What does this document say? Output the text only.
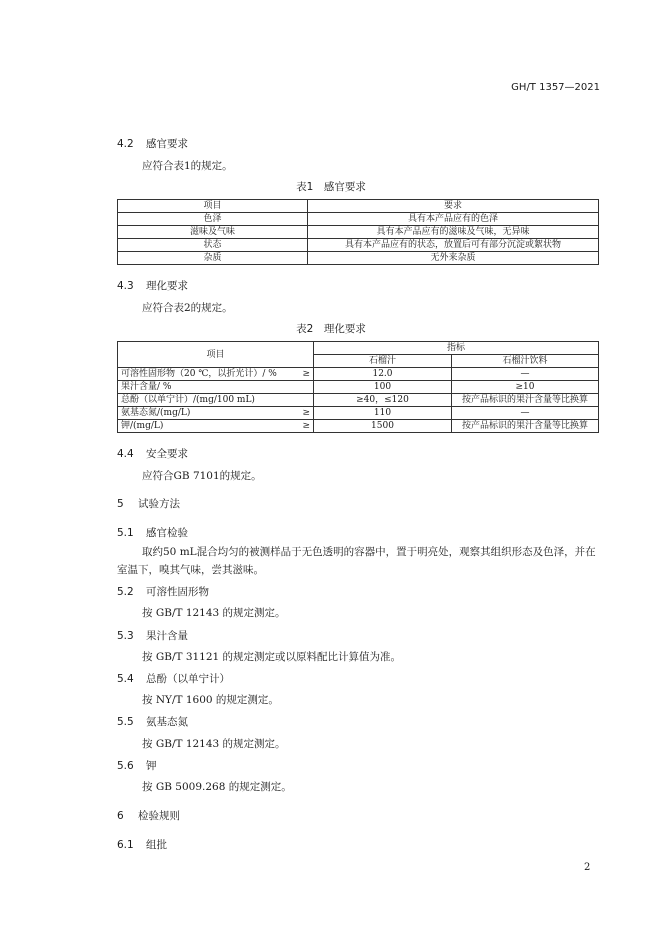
GH/T 1357—2021
4.2 感官要求
应符合表1的规定。
表1　感官要求
项目	要求
色泽	具有本产品应有的色泽
滋味及气味	具有本产品应有的滋味及气味，无异味
状态	具有本产品应有的状态，放置后可有部分沉淀或絮状物
杂质	无外来杂质
4.3 理化要求
应符合表2的规定。
表2　理化要求
项目	指标	
	石榴汁	石榴汁饮料
可溶性固形物（20 ℃，以折光计）/ % ≥	12.0	—
果汁含量/ %	100	≥10
总酚（以单宁计）/(mg/100 mL)	≥40，≤120	按产品标识的果汁含量等比换算
氨基态氮/(mg/L) ≥	110	—
钾/(mg/L) ≥	1500	按产品标识的果汁含量等比换算
4.4 安全要求
应符合GB 7101的规定。
5 试验方法
5.1 感官检验
取约50 mL混合均匀的被测样品于无色透明的容器中，置于明亮处，观察其组织形态及色泽，并在室温下，嗅其气味，尝其滋味。
5.2 可溶性固形物
按 GB/T 12143 的规定测定。
5.3 果汁含量
按 GB/T 31121 的规定测定或以原料配比计算值为准。
5.4 总酚（以单宁计）
按 NY/T 1600 的规定测定。
5.5 氨基态氮
按 GB/T 12143 的规定测定。
5.6 钾
按 GB 5009.268 的规定测定。
6 检验规则
6.1 组批
2
